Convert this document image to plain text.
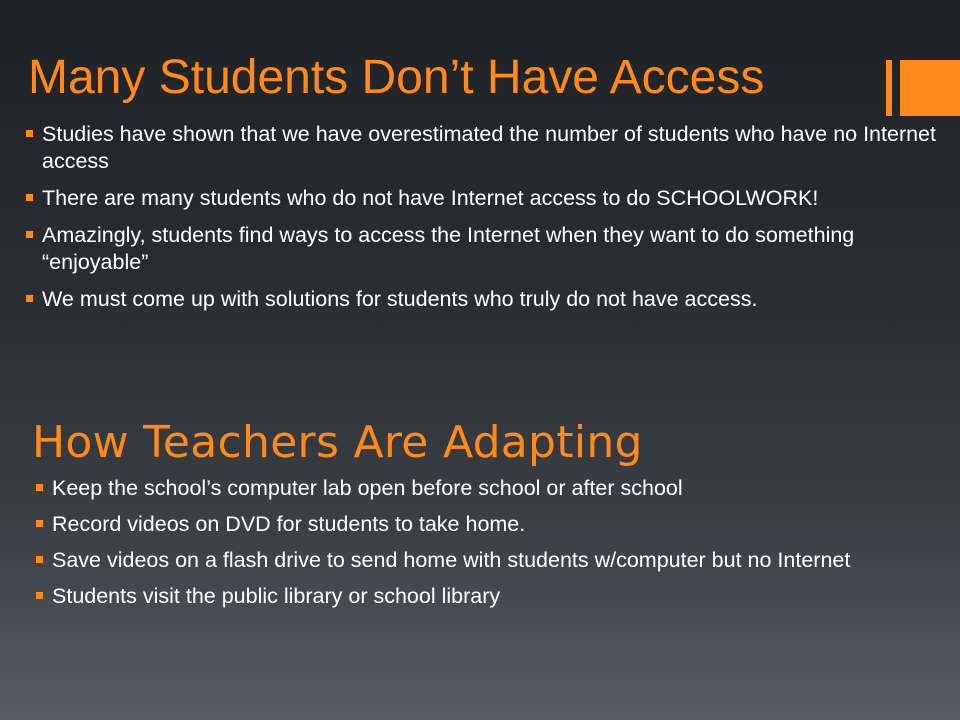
Many Students Don’t Have Access
Studies have shown that we have overestimated the number of students who have no Internet access
There are many students who do not have Internet access to do SCHOOLWORK!
Amazingly, students find ways to access the Internet when they want to do something “enjoyable”
We must come up with solutions for students who truly do not have access.
How Teachers Are Adapting
Keep the school’s computer lab open before school or after school
Record videos on DVD for students to take home.
Save videos on a flash drive to send home with students w/computer but no Internet
Students visit the public library or school library
